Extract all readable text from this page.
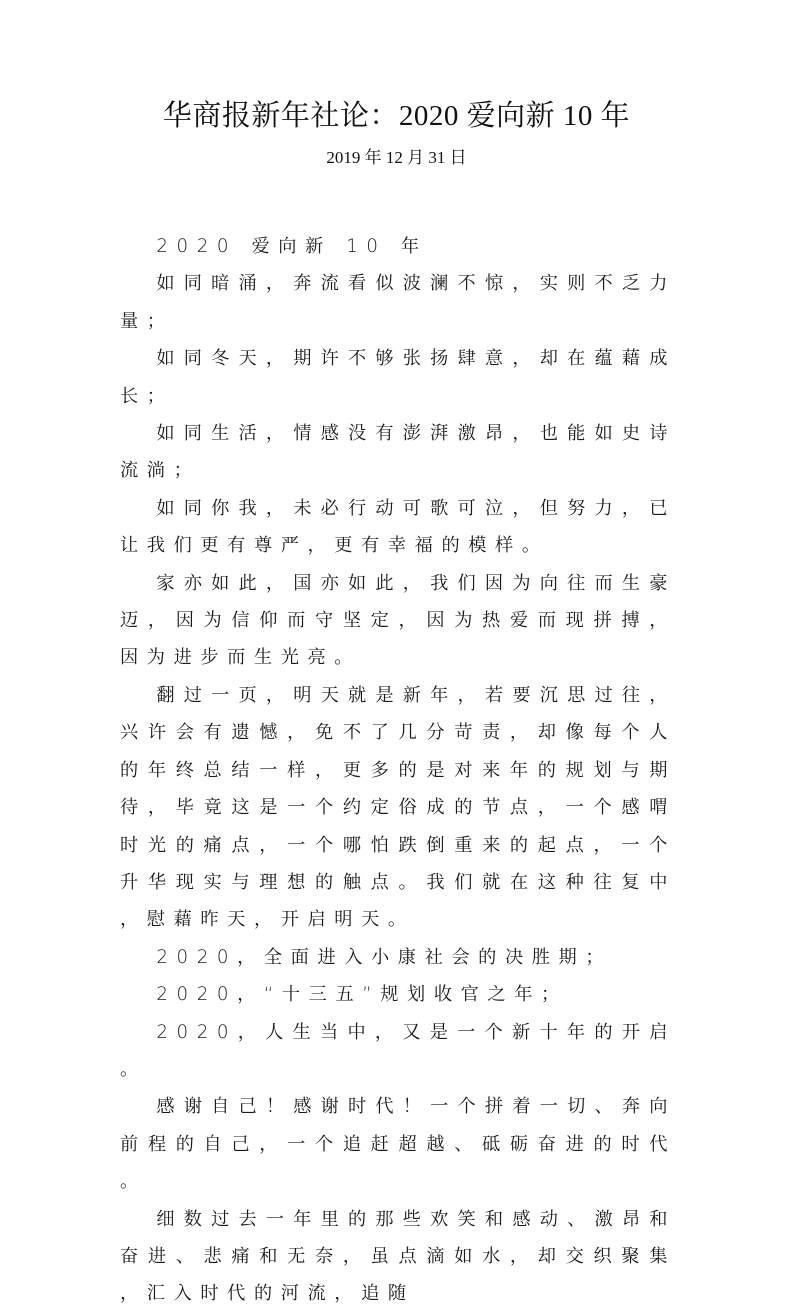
华商报新年社论：2020 爱向新 10 年
2019 年 12 月 31 日

2020 爱向新 10 年

如同暗涌，奔流看似波澜不惊，实则不乏力量；

如同冬天，期许不够张扬肆意，却在蕴藉成长；

如同生活，情感没有澎湃激昂，也能如史诗流淌；

如同你我，未必行动可歌可泣，但努力，已让我们更有尊严，更有幸福的模样。

家亦如此，国亦如此，我们因为向往而生豪迈，因为信仰而守坚定，因为热爱而现拼搏，因为进步而生光亮。

翻过一页，明天就是新年，若要沉思过往，兴许会有遗憾，免不了几分苛责，却像每个人的年终总结一样，更多的是对来年的规划与期待，毕竟这是一个约定俗成的节点，一个感喟时光的痛点，一个哪怕跌倒重来的起点，一个升华现实与理想的触点。我们就在这种往复中，慰藉昨天，开启明天。

2020，全面进入小康社会的决胜期；

2020，“十三五”规划收官之年；

2020，人生当中，又是一个新十年的开启。

感谢自己！感谢时代！一个拼着一切、奔向前程的自己，一个追赶超越、砥砺奋进的时代。

细数过去一年里的那些欢笑和感动、激昂和奋进、悲痛和无奈，虽点滴如水，却交织聚集，汇入时代的河流，追随
